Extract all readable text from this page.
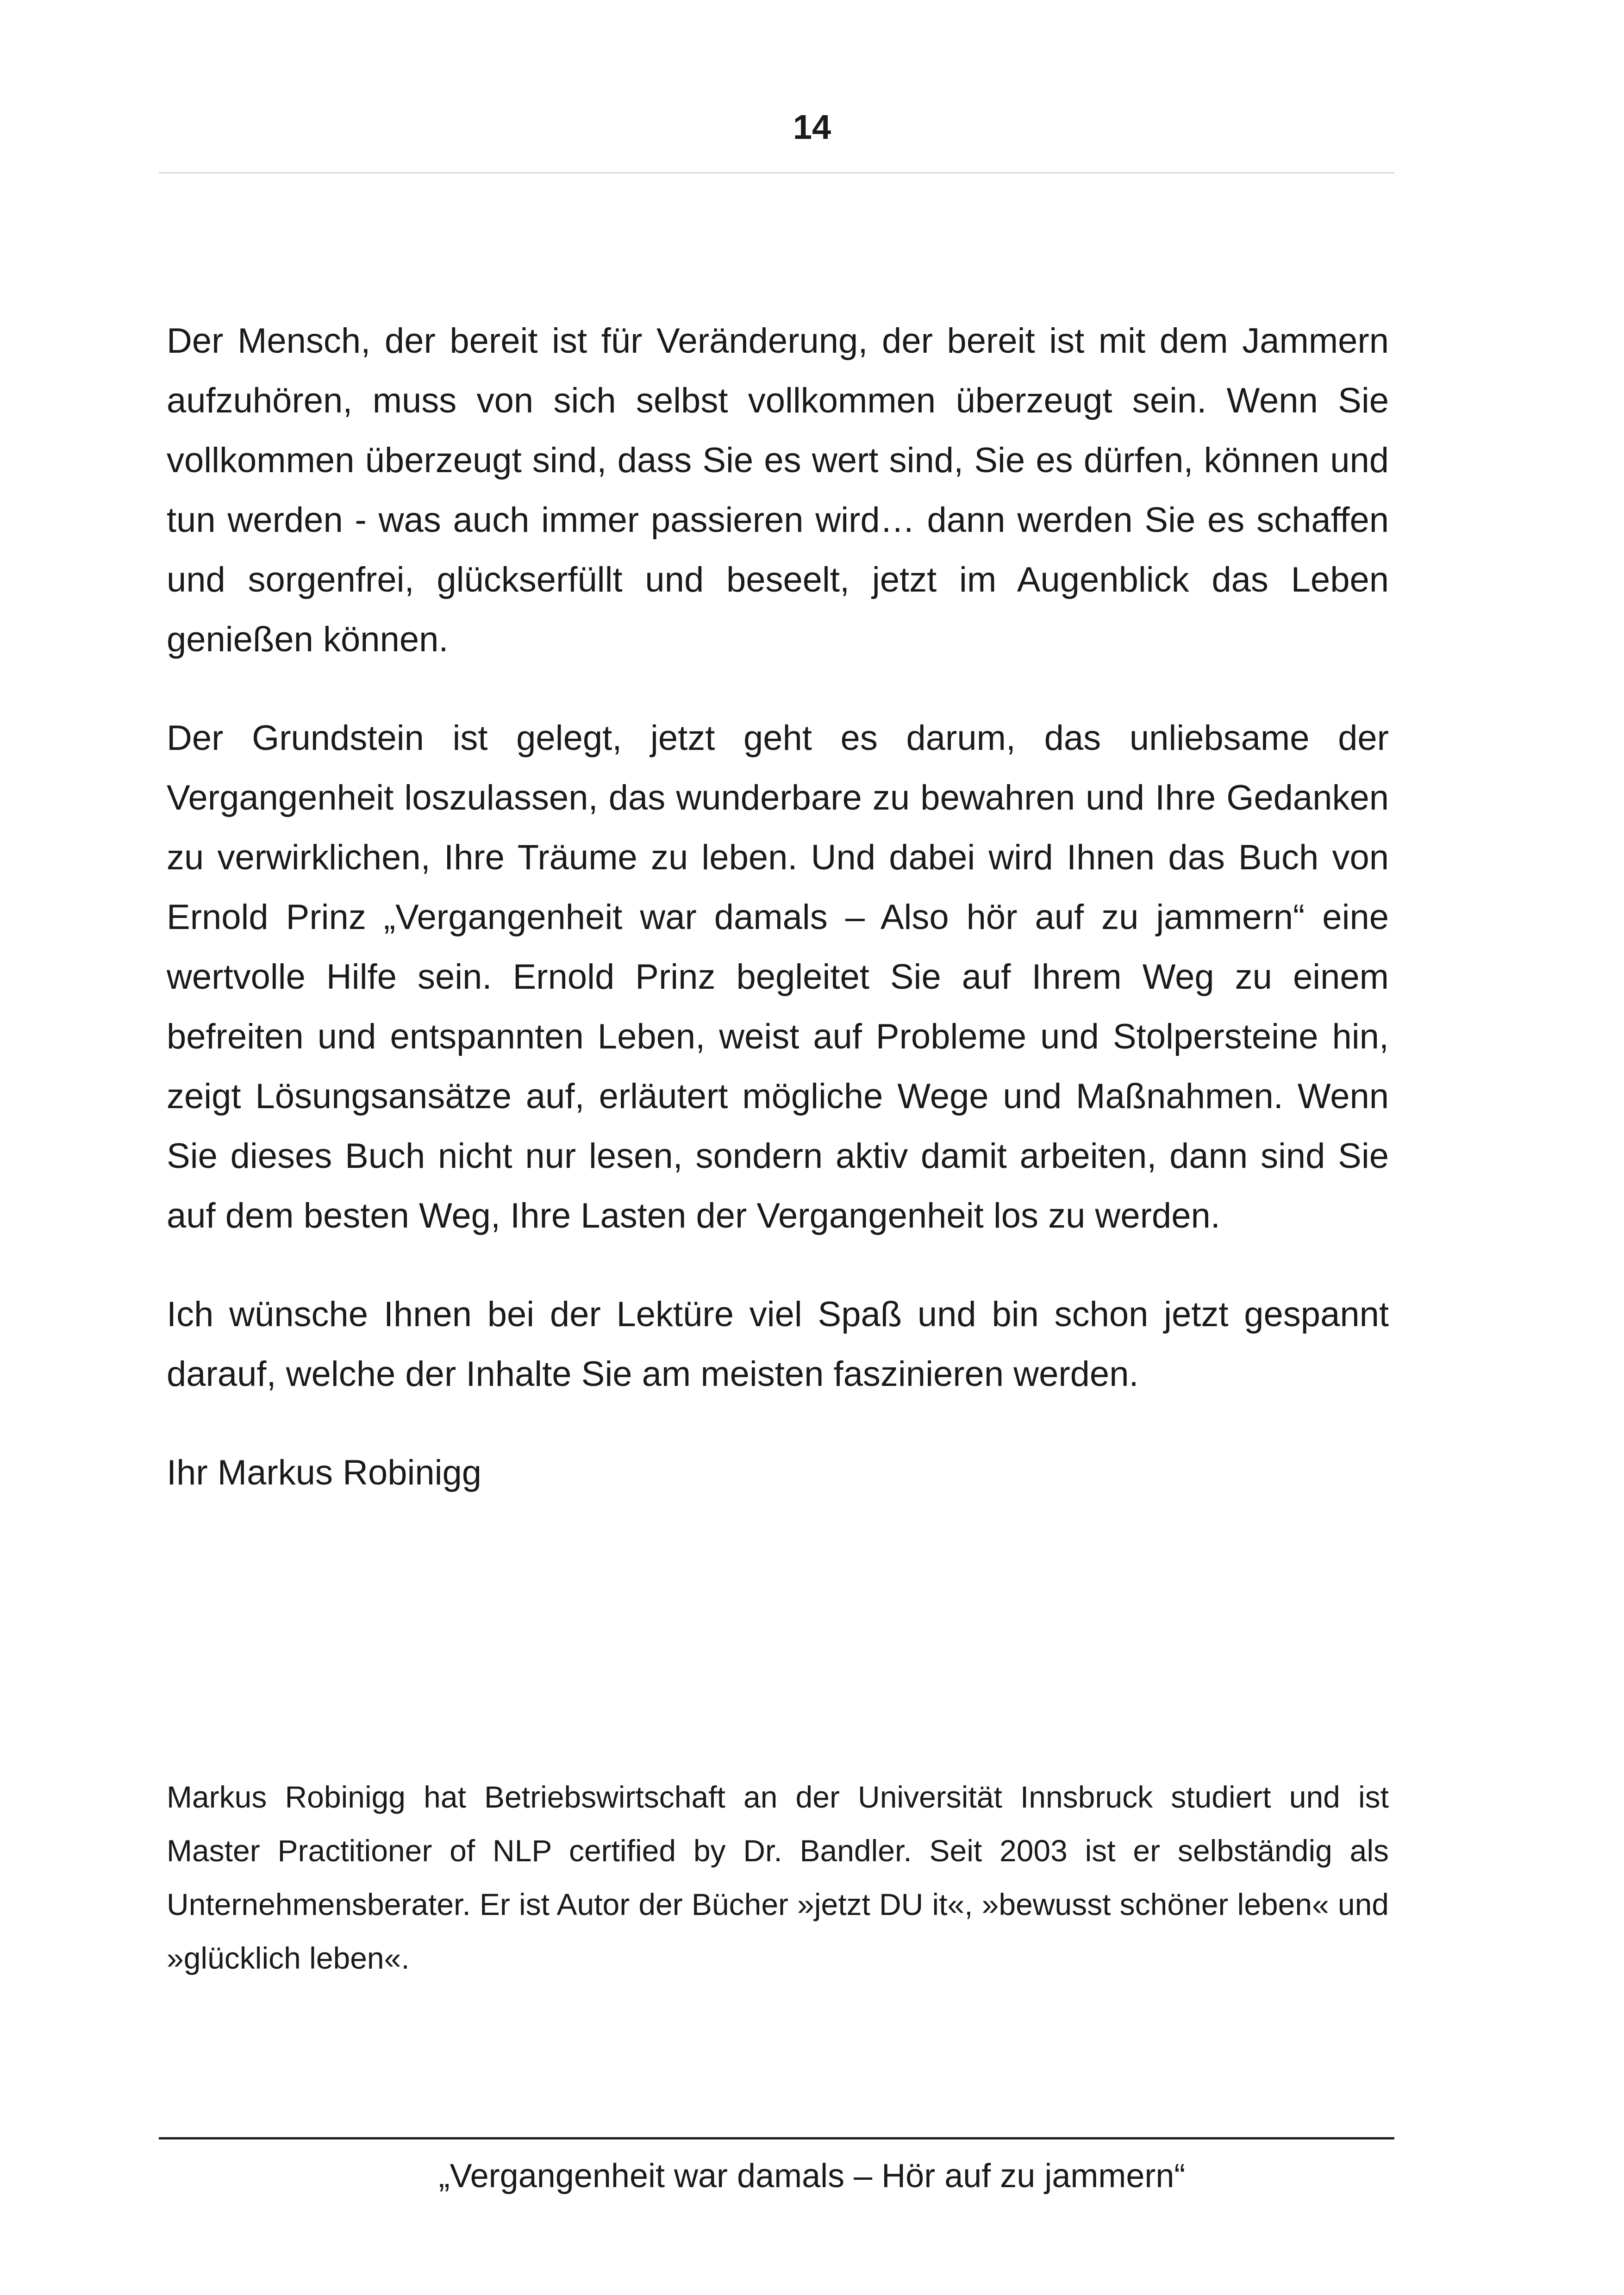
14

Der Mensch, der bereit ist für Veränderung, der bereit ist mit dem Jammern aufzuhören, muss von sich selbst vollkommen überzeugt sein. Wenn Sie vollkommen überzeugt sind, dass Sie es wert sind, Sie es dürfen, können und tun werden - was auch immer passieren wird… dann werden Sie es schaffen und sorgenfrei, glückserfüllt und beseelt, jetzt im Augenblick das Leben genießen können.

Der Grundstein ist gelegt, jetzt geht es darum, das unliebsame der Vergangenheit loszulassen, das wunderbare zu bewahren und Ihre Gedanken zu verwirklichen, Ihre Träume zu leben. Und dabei wird Ihnen das Buch von Ernold Prinz „Vergangenheit war damals – Also hör auf zu jammern“ eine wertvolle Hilfe sein. Ernold Prinz begleitet Sie auf Ihrem Weg zu einem befreiten und entspannten Leben, weist auf Probleme und Stolpersteine hin, zeigt Lösungsansätze auf, erläutert mögliche Wege und Maßnahmen. Wenn Sie dieses Buch nicht nur lesen, sondern aktiv damit arbeiten, dann sind Sie auf dem besten Weg, Ihre Lasten der Vergangenheit los zu werden.

Ich wünsche Ihnen bei der Lektüre viel Spaß und bin schon jetzt gespannt darauf, welche der Inhalte Sie am meisten faszinieren werden.

Ihr Markus Robinigg

Markus Robinigg hat Betriebswirtschaft an der Universität Innsbruck studiert und ist Master Practitioner of NLP certified by Dr. Bandler. Seit 2003 ist er selbständig als Unternehmensberater. Er ist Autor der Bücher »jetzt DU it«, »bewusst schöner leben« und »glücklich leben«.

„Vergangenheit war damals – Hör auf zu jammern“
